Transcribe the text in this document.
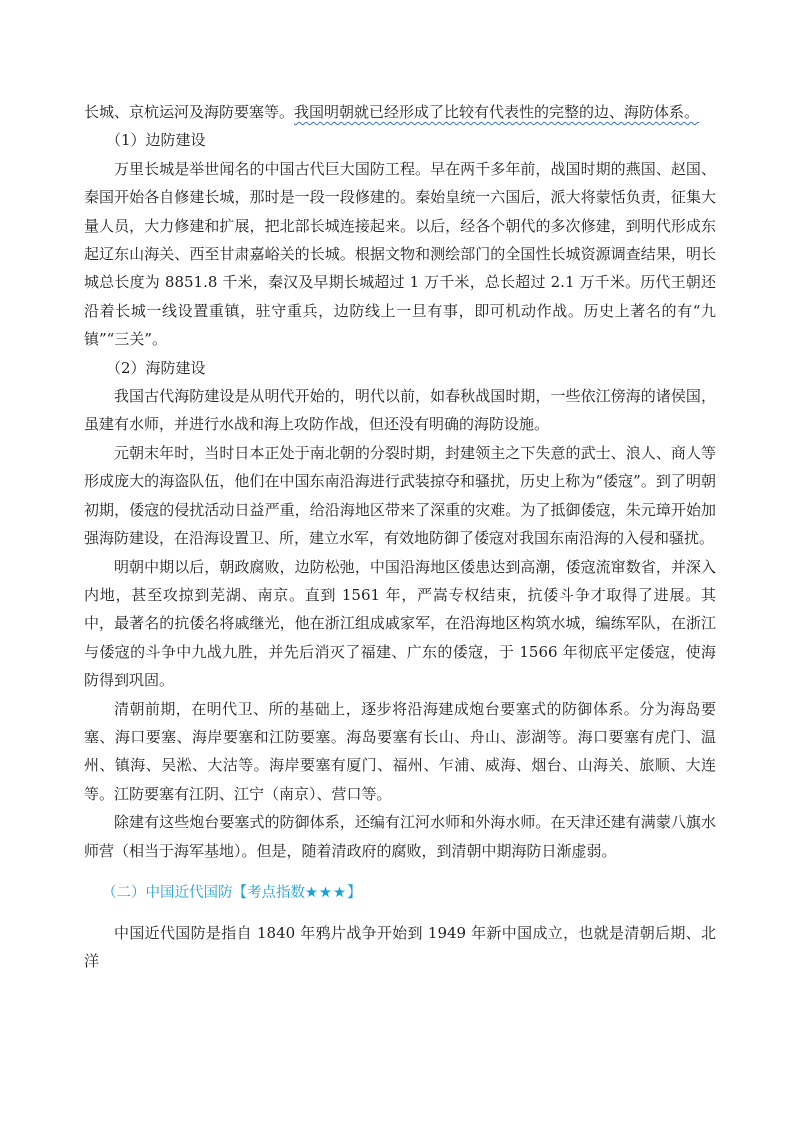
长城、京杭运河及海防要塞等。我国明朝就已经形成了比较有代表性的完整的边、海防体系。

（1）边防建设

万里长城是举世闻名的中国古代巨大国防工程。早在两千多年前，战国时期的燕国、赵国、秦国开始各自修建长城，那时是一段一段修建的。秦始皇统一六国后，派大将蒙恬负责，征集大量人员，大力修建和扩展，把北部长城连接起来。以后，经各个朝代的多次修建，到明代形成东起辽东山海关、西至甘肃嘉峪关的长城。根据文物和测绘部门的全国性长城资源调查结果，明长城总长度为 8851.8 千米，秦汉及早期长城超过 1 万千米，总长超过 2.1 万千米。历代王朝还沿着长城一线设置重镇，驻守重兵，边防线上一旦有事，即可机动作战。历史上著名的有“九镇”“三关”。

（2）海防建设

我国古代海防建设是从明代开始的，明代以前，如春秋战国时期，一些依江傍海的诸侯国，虽建有水师，并进行水战和海上攻防作战，但还没有明确的海防设施。

元朝末年时，当时日本正处于南北朝的分裂时期，封建领主之下失意的武士、浪人、商人等形成庞大的海盗队伍，他们在中国东南沿海进行武装掠夺和骚扰，历史上称为“倭寇”。到了明朝初期，倭寇的侵扰活动日益严重，给沿海地区带来了深重的灾难。为了抵御倭寇，朱元璋开始加强海防建设，在沿海设置卫、所，建立水军，有效地防御了倭寇对我国东南沿海的入侵和骚扰。

明朝中期以后，朝政腐败，边防松弛，中国沿海地区倭患达到高潮，倭寇流窜数省，并深入内地，甚至攻掠到芜湖、南京。直到 1561 年，严嵩专权结束，抗倭斗争才取得了进展。其中，最著名的抗倭名将戚继光，他在浙江组成戚家军，在沿海地区构筑水城，编练军队，在浙江与倭寇的斗争中九战九胜，并先后消灭了福建、广东的倭寇，于 1566 年彻底平定倭寇，使海防得到巩固。

清朝前期，在明代卫、所的基础上，逐步将沿海建成炮台要塞式的防御体系。分为海岛要塞、海口要塞、海岸要塞和江防要塞。海岛要塞有长山、舟山、澎湖等。海口要塞有虎门、温州、镇海、吴淞、大沽等。海岸要塞有厦门、福州、乍浦、威海、烟台、山海关、旅顺、大连等。江防要塞有江阴、江宁（南京）、营口等。

除建有这些炮台要塞式的防御体系，还编有江河水师和外海水师。在天津还建有满蒙八旗水师营（相当于海军基地）。但是，随着清政府的腐败，到清朝中期海防日渐虚弱。

（二）中国近代国防【考点指数★★★】

中国近代国防是指自 1840 年鸦片战争开始到 1949 年新中国成立，也就是清朝后期、北洋
